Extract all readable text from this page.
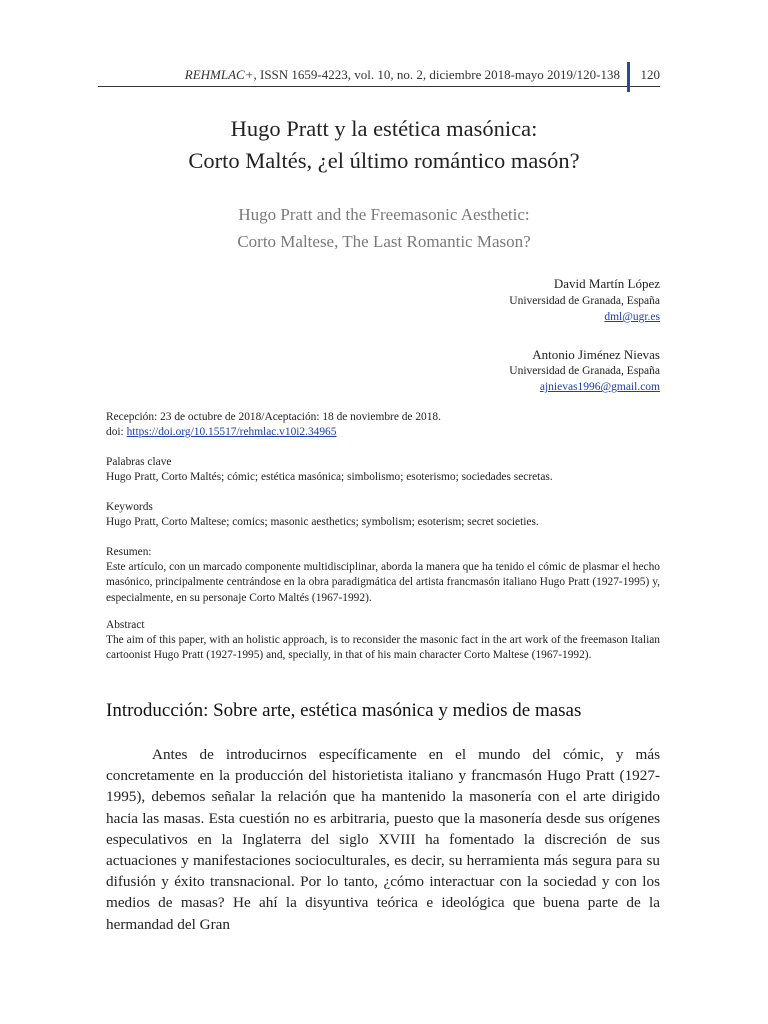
REHMLAC+, ISSN 1659-4223, vol. 10, no. 2, diciembre 2018-mayo 2019/120-138 120
Hugo Pratt y la estética masónica:
Corto Maltés, ¿el último romántico masón?
Hugo Pratt and the Freemasonic Aesthetic:
Corto Maltese, The Last Romantic Mason?
David Martín López
Universidad de Granada, España
dml@ugr.es
Antonio Jiménez Nievas
Universidad de Granada, España
ajnievas1996@gmail.com
Recepción: 23 de octubre de 2018/Aceptación: 18 de noviembre de 2018.
doi: https://doi.org/10.15517/rehmlac.v10i2.34965
Palabras clave
Hugo Pratt, Corto Maltés; cómic; estética masónica; simbolismo; esoterismo; sociedades secretas.
Keywords
Hugo Pratt, Corto Maltese; comics; masonic aesthetics; symbolism; esoterism; secret societies.
Resumen:
Este artículo, con un marcado componente multidisciplinar, aborda la manera que ha tenido el cómic de plasmar el hecho masónico, principalmente centrándose en la obra paradigmática del artista francmasón italiano Hugo Pratt (1927-1995) y, especialmente, en su personaje Corto Maltés (1967-1992).
Abstract
The aim of this paper, with an holistic approach, is to reconsider the masonic fact in the art work of the freemason Italian cartoonist Hugo Pratt (1927-1995) and, specially, in that of his main character Corto Maltese (1967-1992).
Introducción: Sobre arte, estética masónica y medios de masas
Antes de introducirnos específicamente en el mundo del cómic, y más concretamente en la producción del historietista italiano y francmasón Hugo Pratt (1927-1995), debemos señalar la relación que ha mantenido la masonería con el arte dirigido hacia las masas. Esta cuestión no es arbitraria, puesto que la masonería desde sus orígenes especulativos en la Inglaterra del siglo XVIII ha fomentado la discreción de sus actuaciones y manifestaciones socioculturales, es decir, su herramienta más segura para su difusión y éxito transnacional. Por lo tanto, ¿cómo interactuar con la sociedad y con los medios de masas? He ahí la disyuntiva teórica e ideológica que buena parte de la hermandad del Gran
